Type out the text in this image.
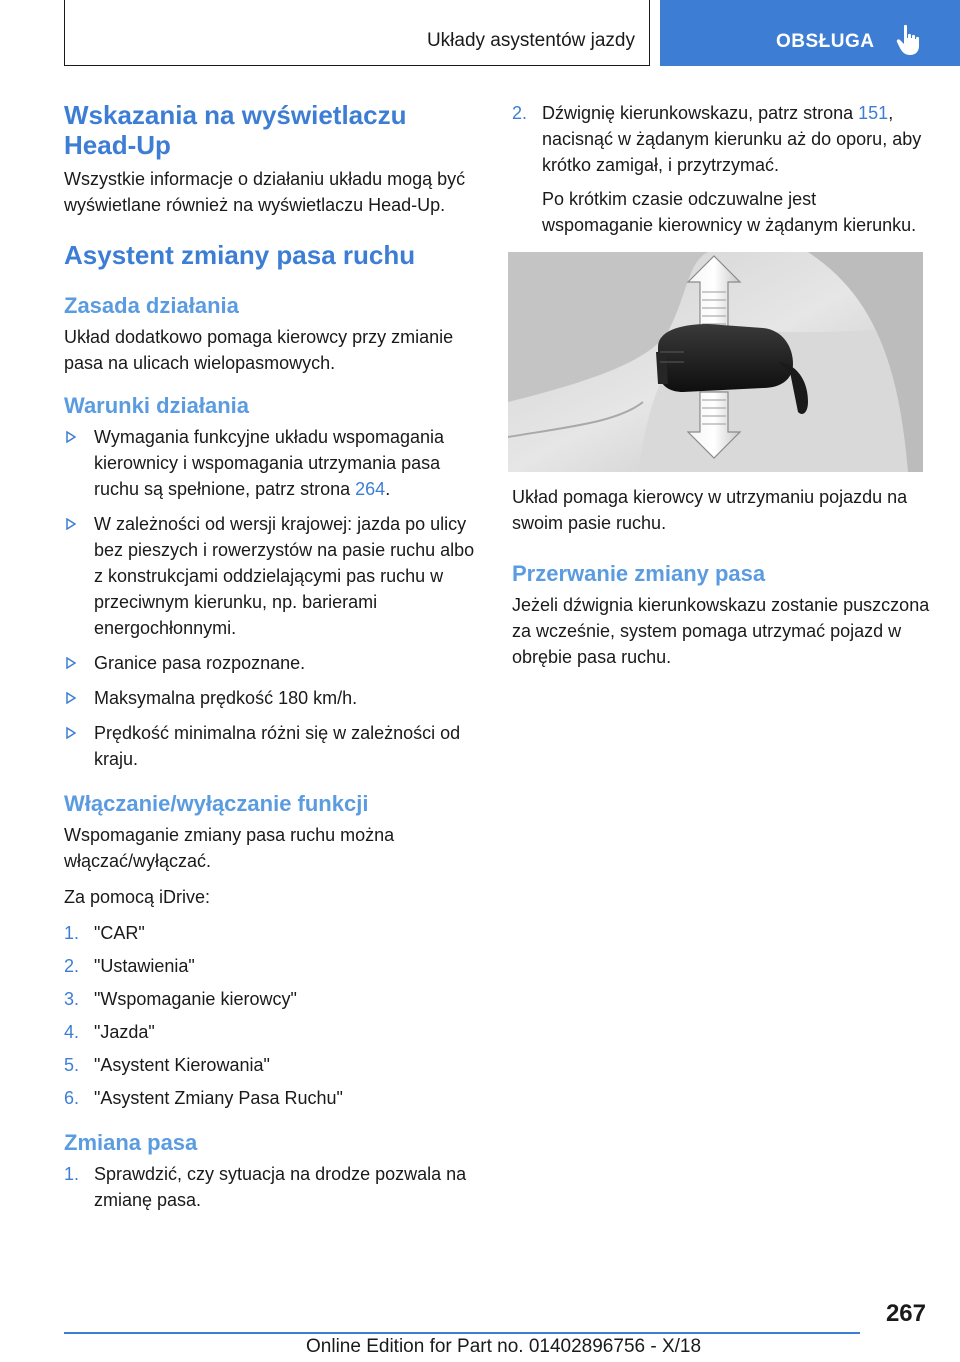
Układy asystentów jazdy	OBSŁUGA
Wskazania na wyświetlaczu Head-Up
Wszystkie informacje o działaniu układu mogą być wyświetlane również na wyświetlaczu Head-Up.
Asystent zmiany pasa ruchu
Zasada działania
Układ dodatkowo pomaga kierowcy przy zmianie pasa na ulicach wielopasmowych.
Warunki działania
Wymagania funkcyjne układu wspomagania kierownicy i wspomagania utrzymania pasa ruchu są spełnione, patrz strona 264.
W zależności od wersji krajowej: jazda po ulicy bez pieszych i rowerzystów na pasie ruchu albo z konstrukcjami oddzielającymi pas ruchu w przeciwnym kierunku, np. barierami energochłonnymi.
Granice pasa rozpoznane.
Maksymalna prędkość 180 km/h.
Prędkość minimalna różni się w zależności od kraju.
Włączanie/wyłączanie funkcji
Wspomaganie zmiany pasa ruchu można włączać/wyłączać.
Za pomocą iDrive:
1. "CAR"
2. "Ustawienia"
3. "Wspomaganie kierowcy"
4. "Jazda"
5. "Asystent Kierowania"
6. "Asystent Zmiany Pasa Ruchu"
Zmiana pasa
1. Sprawdzić, czy sytuacja na drodze pozwala na zmianę pasa.
2. Dźwignię kierunkowskazu, patrz strona 151, nacisnąć w żądanym kierunku aż do oporu, aby krótko zamigał, i przytrzymać.
Po krótkim czasie odczuwalne jest wspomaganie kierownicy w żądanym kierunku.
Układ pomaga kierowcy w utrzymaniu pojazdu na swoim pasie ruchu.
Przerwanie zmiany pasa
Jeżeli dźwignia kierunkowskazu zostanie puszczona za wcześnie, system pomaga utrzymać pojazd w obrębie pasa ruchu.
267
Online Edition for Part no. 01402896756 - X/18
